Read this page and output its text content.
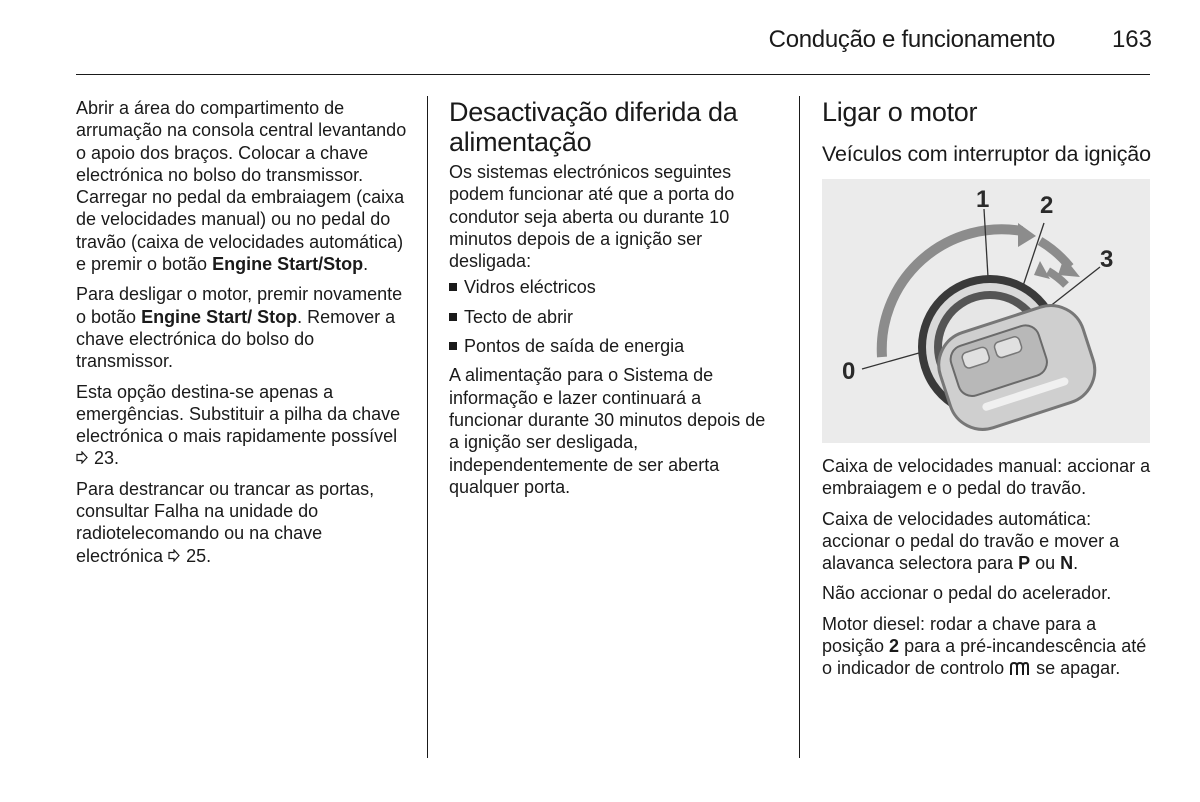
Condução e funcionamento 163

Abrir a área do compartimento de arrumação na consola central levantando o apoio dos braços. Colocar a chave electrónica no bolso do transmissor. Carregar no pedal da embraiagem (caixa de velocidades manual) ou no pedal do travão (caixa de velocidades automática) e premir o botão Engine Start/Stop.

Para desligar o motor, premir novamente o botão Engine Start/ Stop. Remover a chave electrónica do bolso do transmissor.

Esta opção destina-se apenas a emergências. Substituir a pilha da chave electrónica o mais rapidamente possível  23.

Para destrancar ou trancar as portas, consultar Falha na unidade do radiotelecomando ou na chave electrónica  25.

Desactivação diferida da alimentação

Os sistemas electrónicos seguintes podem funcionar até que a porta do condutor seja aberta ou durante 10 minutos depois de a ignição ser desligada:

Vidros eléctricos
Tecto de abrir
Pontos de saída de energia

A alimentação para o Sistema de informação e lazer continuará a funcionar durante 30 minutos depois de a ignição ser desligada, independentemente de ser aberta qualquer porta.

Ligar o motor
Veículos com interruptor da ignição
0
1 2
3

Caixa de velocidades manual: accionar a embraiagem e o pedal do travão.

Caixa de velocidades automática: accionar o pedal do travão e mover a alavanca selectora para P ou N.

Não accionar o pedal do acelerador.

Motor diesel: rodar a chave para a posição 2 para a pré-incandescência até o indicador de controlo  se apagar.
